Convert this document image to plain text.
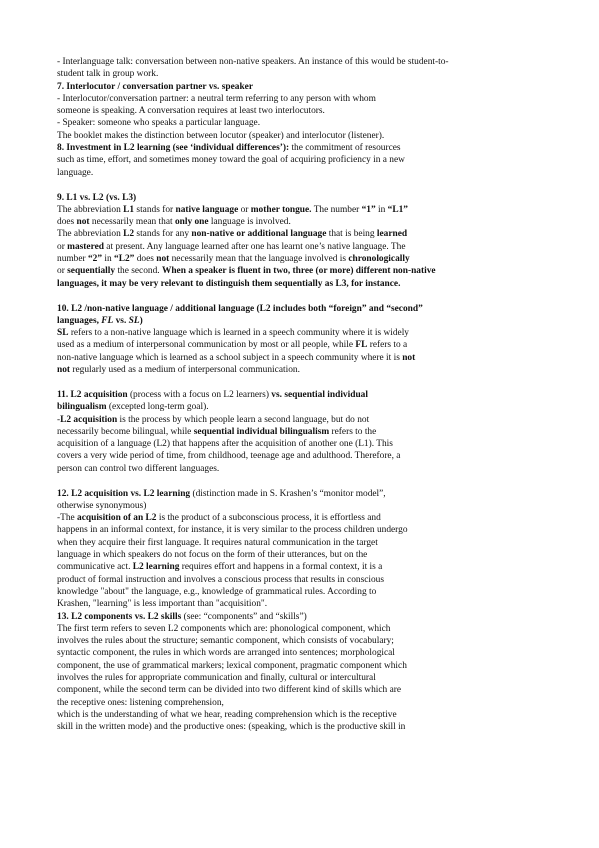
- Interlanguage talk: conversation between non-native speakers. An instance of this would be student-to-

student talk in group work.

7. Interlocutor / conversation partner vs. speaker

- Interlocutor/conversation partner: a neutral term referring to any person with whom

someone is speaking. A conversation requires at least two interlocutors.

- Speaker: someone who speaks a particular language.

The booklet makes the distinction between locutor (speaker) and interlocutor (listener).

8. Investment in L2 learning (see ‘individual differences’): the commitment of resources

such as time, effort, and sometimes money toward the goal of acquiring proficiency in a new

language.

9. L1 vs. L2 (vs. L3)

The abbreviation L1 stands for native language or mother tongue. The number “1” in “L1”

does not necessarily mean that only one language is involved.

The abbreviation L2 stands for any non-native or additional language that is being learned

or mastered at present. Any language learned after one has learnt one’s native language. The

number “2” in “L2” does not necessarily mean that the language involved is chronologically

or sequentially the second. When a speaker is fluent in two, three (or more) different non-native

languages, it may be very relevant to distinguish them sequentially as L3, for instance.

10. L2 /non-native language / additional language (L2 includes both “foreign” and “second”

languages, FL vs. SL)

SL refers to a non-native language which is learned in a speech community where it is widely

used as a medium of interpersonal communication by most or all people, while FL refers to a

non-native language which is learned as a school subject in a speech community where it is not

not regularly used as a medium of interpersonal communication.

11. L2 acquisition (process with a focus on L2 learners) vs. sequential individual

bilingualism (excepted long-term goal).

-L2 acquisition is the process by which people learn a second language, but do not

necessarily become bilingual, while sequential individual bilingualism refers to the

acquisition of a language (L2) that happens after the acquisition of another one (L1). This

covers a very wide period of time, from childhood, teenage age and adulthood. Therefore, a

person can control two different languages.

12. L2 acquisition vs. L2 learning (distinction made in S. Krashen’s “monitor model”,

otherwise synonymous)

-The acquisition of an L2 is the product of a subconscious process, it is effortless and

happens in an informal context, for instance, it is very similar to the process children undergo

when they acquire their first language. It requires natural communication in the target

language in which speakers do not focus on the form of their utterances, but on the

communicative act. L2 learning requires effort and happens in a formal context, it is a

product of formal instruction and involves a conscious process that results in conscious

knowledge "about" the language, e.g., knowledge of grammatical rules. According to

Krashen, "learning" is less important than "acquisition".

13. L2 components vs. L2 skills (see: “components” and “skills”)

The first term refers to seven L2 components which are: phonological component, which

involves the rules about the structure; semantic component, which consists of vocabulary;

syntactic component, the rules in which words are arranged into sentences; morphological

component, the use of grammatical markers; lexical component, pragmatic component which

involves the rules for appropriate communication and finally, cultural or intercultural

component, while the second term can be divided into two different kind of skills which are

the receptive ones: listening comprehension,

which is the understanding of what we hear, reading comprehension which is the receptive

skill in the written mode) and the productive ones: (speaking, which is the productive skill in
